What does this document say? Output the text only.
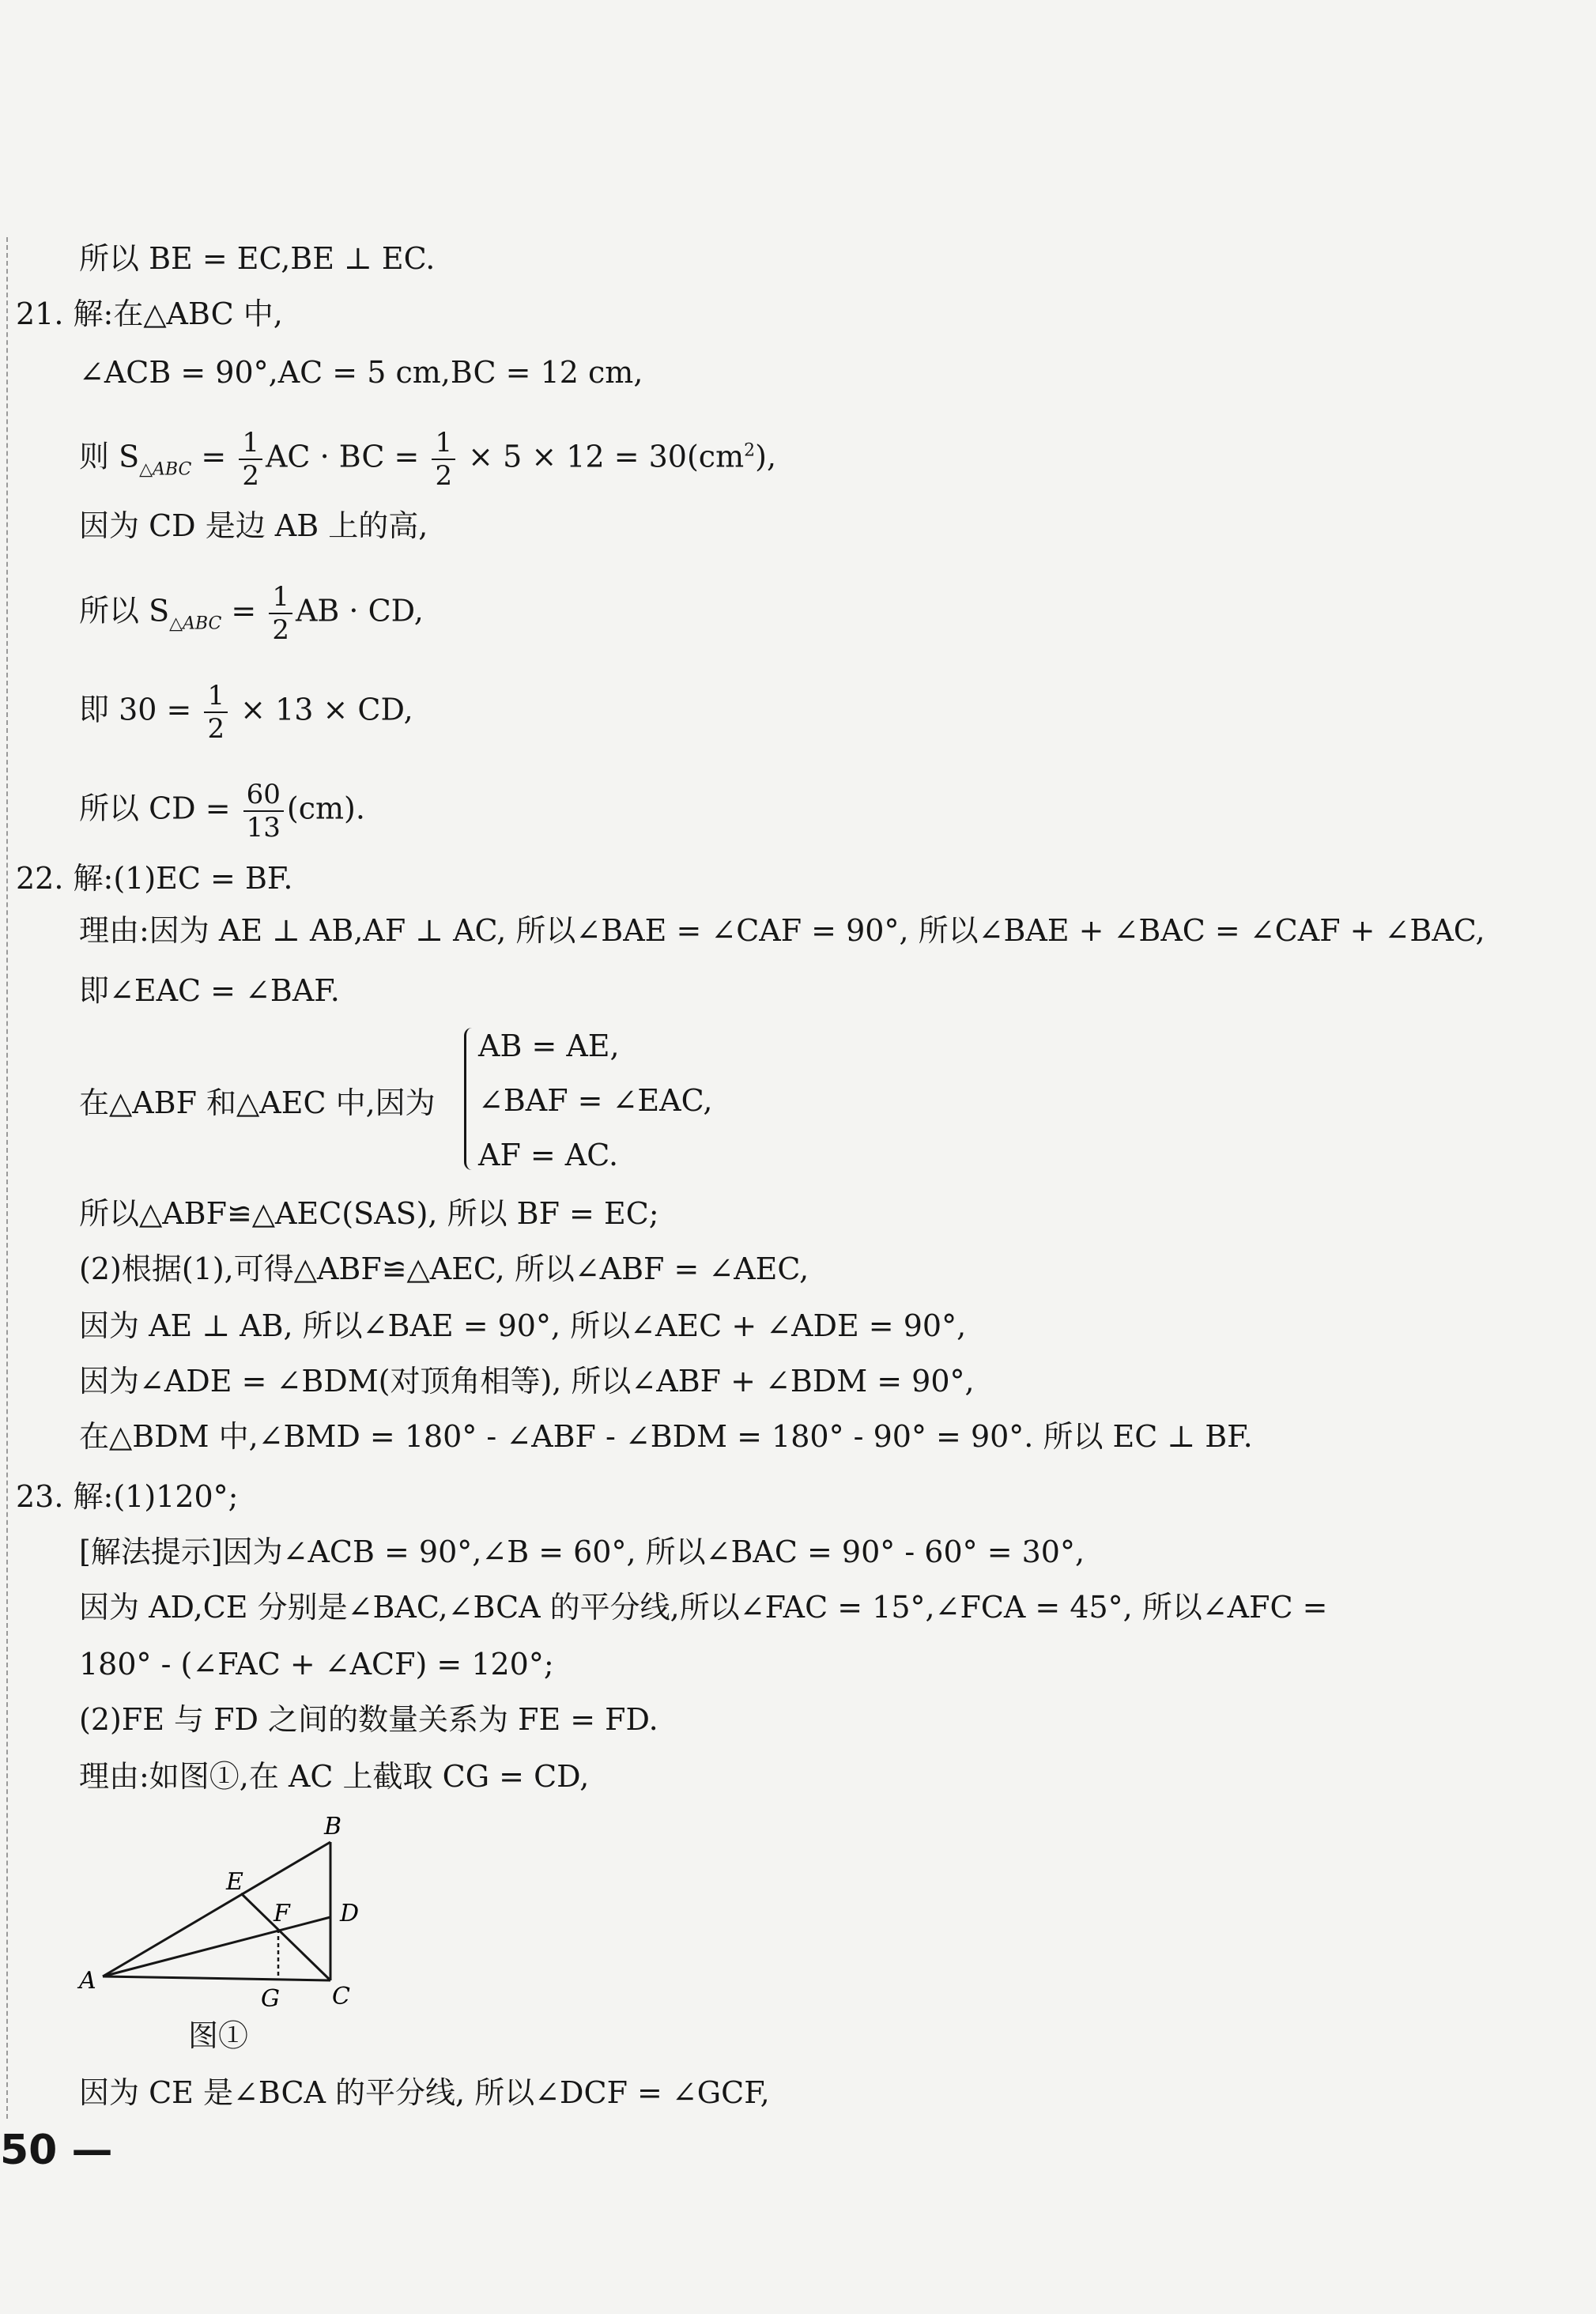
所以 BE = EC,BE ⊥ EC.
21. 解:在△ABC 中,
∠ACB = 90°,AC = 5 cm,BC = 12 cm,
则 $S_{\triangle ABC} = \frac{1}{2}$ AC · BC = $\frac{1}{2} \times 5 \times 12 = 30(cm^2)$,
因为 CD 是边 AB 上的高,
所以 $S_{\triangle ABC} = \frac{1}{2}$ AB · CD,
即 $30 = \frac{1}{2} \times 13$ × CD,
所以 CD = $\frac{60}{13} (cm)$.
22. 解:(1)EC = BF.
理由:因为 AE ⊥ AB,AF ⊥ AC, 所以∠BAE = ∠CAF = 90°, 所以∠BAE + ∠BAC = ∠CAF + ∠BAC,
即∠EAC = ∠BAF.
在△ABF 和△AEC 中,因为
AB = AE,
∠BAF = ∠EAC,
AF = AC.
所以△ABF≌△AEC(SAS), 所以 BF = EC;
(2)根据(1),可得△ABF≌△AEC, 所以∠ABF = ∠AEC,
因为 AE ⊥ AB, 所以∠BAE = 90°, 所以∠AEC + ∠ADE = 90°,
因为∠ADE = ∠BDM(对顶角相等), 所以∠ABF + ∠BDM = 90°,
在△BDM 中,∠BMD = 180° - ∠ABF - ∠BDM = 180° - 90° = 90°. 所以 EC ⊥ BF.
23. 解:(1)120°;
[解法提示]因为∠ACB = 90°,∠B = 60°, 所以∠BAC = 90° - 60° = 30°,
因为 AD,CE 分别是∠BAC,∠BCA 的平分线,所以∠FAC = 15°,∠FCA = 45°, 所以∠AFC =
180° - (∠FAC + ∠ACF) = 120°;
(2)FE 与 FD 之间的数量关系为 FE = FD.
理由:如图①,在 AC 上截取 CG = CD,
B
E
F D
A
C
G
图①
因为 CE 是∠BCA 的平分线, 所以∠DCF = ∠GCF,
50 —
